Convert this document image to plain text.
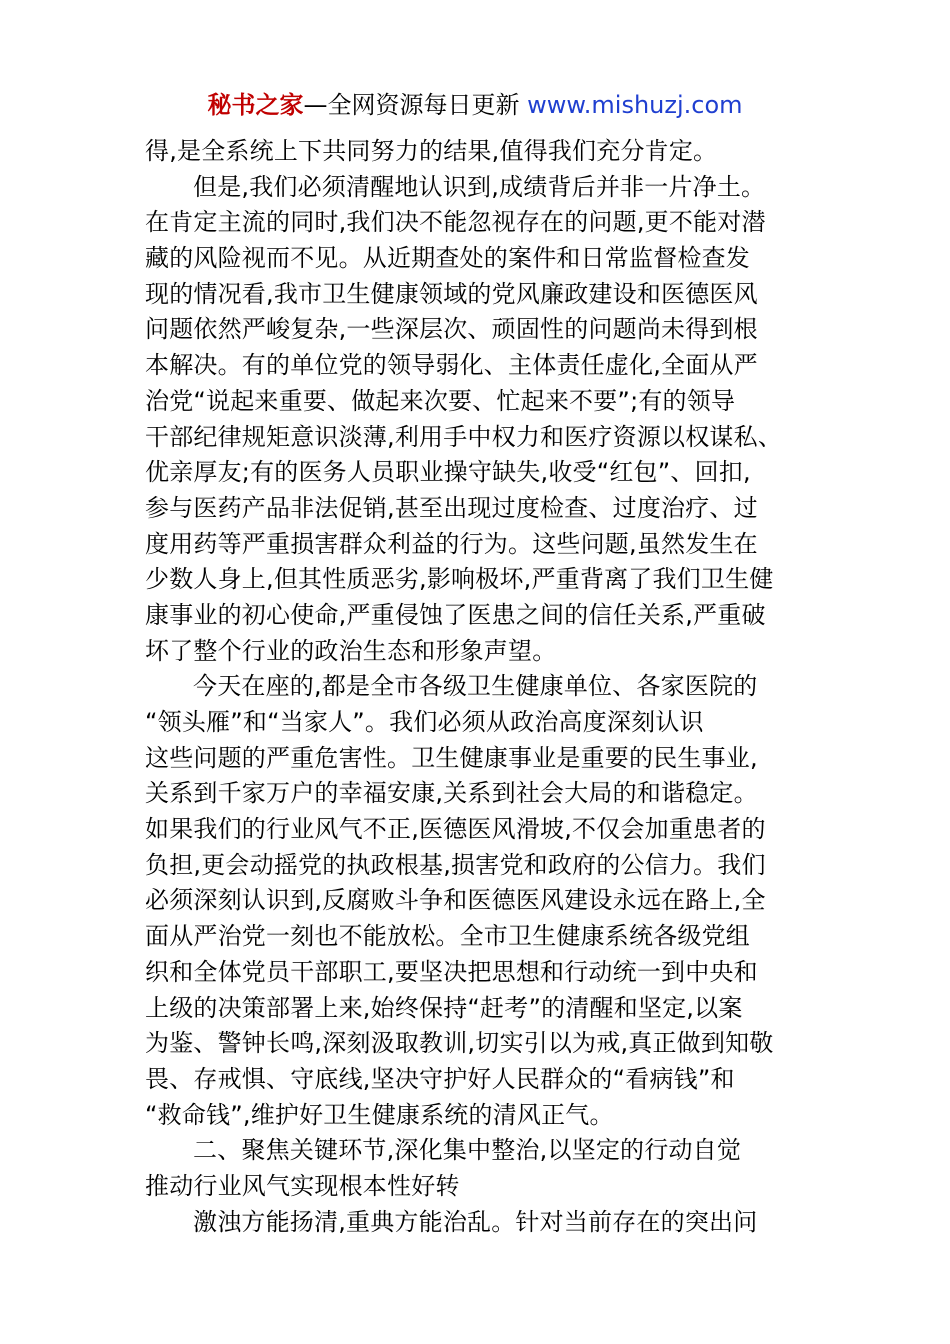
秘书之家—全网资源每日更新 www.mishuzj.com
得,是全系统上下共同努力的结果,值得我们充分肯定。
但是,我们必须清醒地认识到,成绩背后并非一片净土。
在肯定主流的同时,我们决不能忽视存在的问题,更不能对潜
藏的风险视而不见。从近期查处的案件和日常监督检查发
现的情况看,我市卫生健康领域的党风廉政建设和医德医风
问题依然严峻复杂,一些深层次、顽固性的问题尚未得到根
本解决。有的单位党的领导弱化、主体责任虚化,全面从严
治党“说起来重要、做起来次要、忙起来不要”;有的领导
干部纪律规矩意识淡薄,利用手中权力和医疗资源以权谋私、
优亲厚友;有的医务人员职业操守缺失,收受“红包”、回扣,
参与医药产品非法促销,甚至出现过度检查、过度治疗、过
度用药等严重损害群众利益的行为。这些问题,虽然发生在
少数人身上,但其性质恶劣,影响极坏,严重背离了我们卫生健
康事业的初心使命,严重侵蚀了医患之间的信任关系,严重破
坏了整个行业的政治生态和形象声望。
今天在座的,都是全市各级卫生健康单位、各家医院的
“领头雁”和“当家人”。我们必须从政治高度深刻认识
这些问题的严重危害性。卫生健康事业是重要的民生事业,
关系到千家万户的幸福安康,关系到社会大局的和谐稳定。
如果我们的行业风气不正,医德医风滑坡,不仅会加重患者的
负担,更会动摇党的执政根基,损害党和政府的公信力。我们
必须深刻认识到,反腐败斗争和医德医风建设永远在路上,全
面从严治党一刻也不能放松。全市卫生健康系统各级党组
织和全体党员干部职工,要坚决把思想和行动统一到中央和
上级的决策部署上来,始终保持“赶考”的清醒和坚定,以案
为鉴、警钟长鸣,深刻汲取教训,切实引以为戒,真正做到知敬
畏、存戒惧、守底线,坚决守护好人民群众的“看病钱”和
“救命钱”,维护好卫生健康系统的清风正气。
二、聚焦关键环节,深化集中整治,以坚定的行动自觉
推动行业风气实现根本性好转
激浊方能扬清,重典方能治乱。针对当前存在的突出问
